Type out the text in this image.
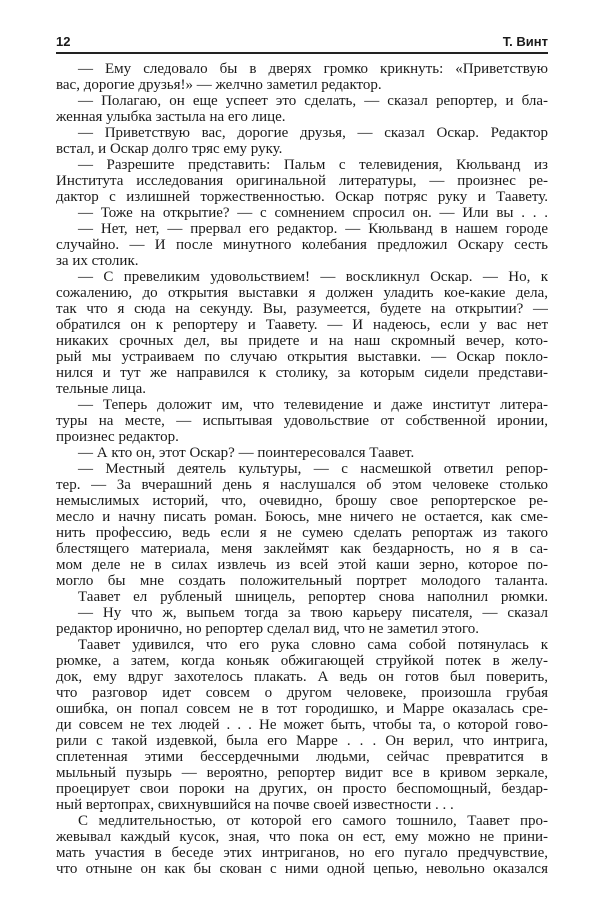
12	Т. Винт
— Ему следовало бы в дверях громко крикнуть: «Приветствую
вас, дорогие друзья!» — желчно заметил редактор.
— Полагаю, он еще успеет это сделать, — сказал репортер, и бла-
женная улыбка застыла на его лице.
— Приветствую вас, дорогие друзья, — сказал Оскар. Редактор
встал, и Оскар долго тряс ему руку.
— Разрешите представить: Пальм с телевидения, Кюльванд из
Института исследования оригинальной литературы, — произнес ре-
дактор с излишней торжественностью. Оскар потряс руку и Таавету.
— Тоже на открытие? — с сомнением спросил он. — Или вы . . .
— Нет, нет, — прервал его редактор. — Кюльванд в нашем городе
случайно. — И после минутного колебания предложил Оскару сесть
за их столик.
— С превеликим удовольствием! — воскликнул Оскар. — Но, к
сожалению, до открытия выставки я должен уладить кое-какие дела,
так что я сюда на секунду. Вы, разумеется, будете на открытии? —
обратился он к репортеру и Таавету. — И надеюсь, если у вас нет
никаких срочных дел, вы придете и на наш скромный вечер, кото-
рый мы устраиваем по случаю открытия выставки. — Оскар покло-
нился и тут же направился к столику, за которым сидели представи-
тельные лица.
— Теперь доложит им, что телевидение и даже институт литера-
туры на месте, — испытывая удовольствие от собственной иронии,
произнес редактор.
— А кто он, этот Оскар? — поинтересовался Таавет.
— Местный деятель культуры, — с насмешкой ответил репор-
тер. — За вчерашний день я наслушался об этом человеке столько
немыслимых историй, что, очевидно, брошу свое репортерское ре-
месло и начну писать роман. Боюсь, мне ничего не остается, как сме-
нить профессию, ведь если я не сумею сделать репортаж из такого
блестящего материала, меня заклеймят как бездарность, но я в са-
мом деле не в силах извлечь из всей этой каши зерно, которое по-
могло бы мне создать положительный портрет молодого таланта.
Таавет ел рубленый шницель, репортер снова наполнил рюмки.
— Ну что ж, выпьем тогда за твою карьеру писателя, — сказал
редактор иронично, но репортер сделал вид, что не заметил этого.
Таавет удивился, что его рука словно сама собой потянулась к
рюмке, а затем, когда коньяк обжигающей струйкой потек в желу-
док, ему вдруг захотелось плакать. А ведь он готов был поверить,
что разговор идет совсем о другом человеке, произошла грубая
ошибка, он попал совсем не в тот городишко, и Марре оказалась сре-
ди совсем не тех людей . . . Не может быть, чтобы та, о которой гово-
рили с такой издевкой, была его Марре . . . Он верил, что интрига,
сплетенная этими бессердечными людьми, сейчас превратится в
мыльный пузырь — вероятно, репортер видит все в кривом зеркале,
проецирует свои пороки на других, он просто беспомощный, бездар-
ный вертопрах, свихнувшийся на почве своей известности . . .
С медлительностью, от которой его самого тошнило, Таавет про-
жевывал каждый кусок, зная, что пока он ест, ему можно не прини-
мать участия в беседе этих интриганов, но его пугало предчувствие,
что отныне он как бы скован с ними одной цепью, невольно оказался
